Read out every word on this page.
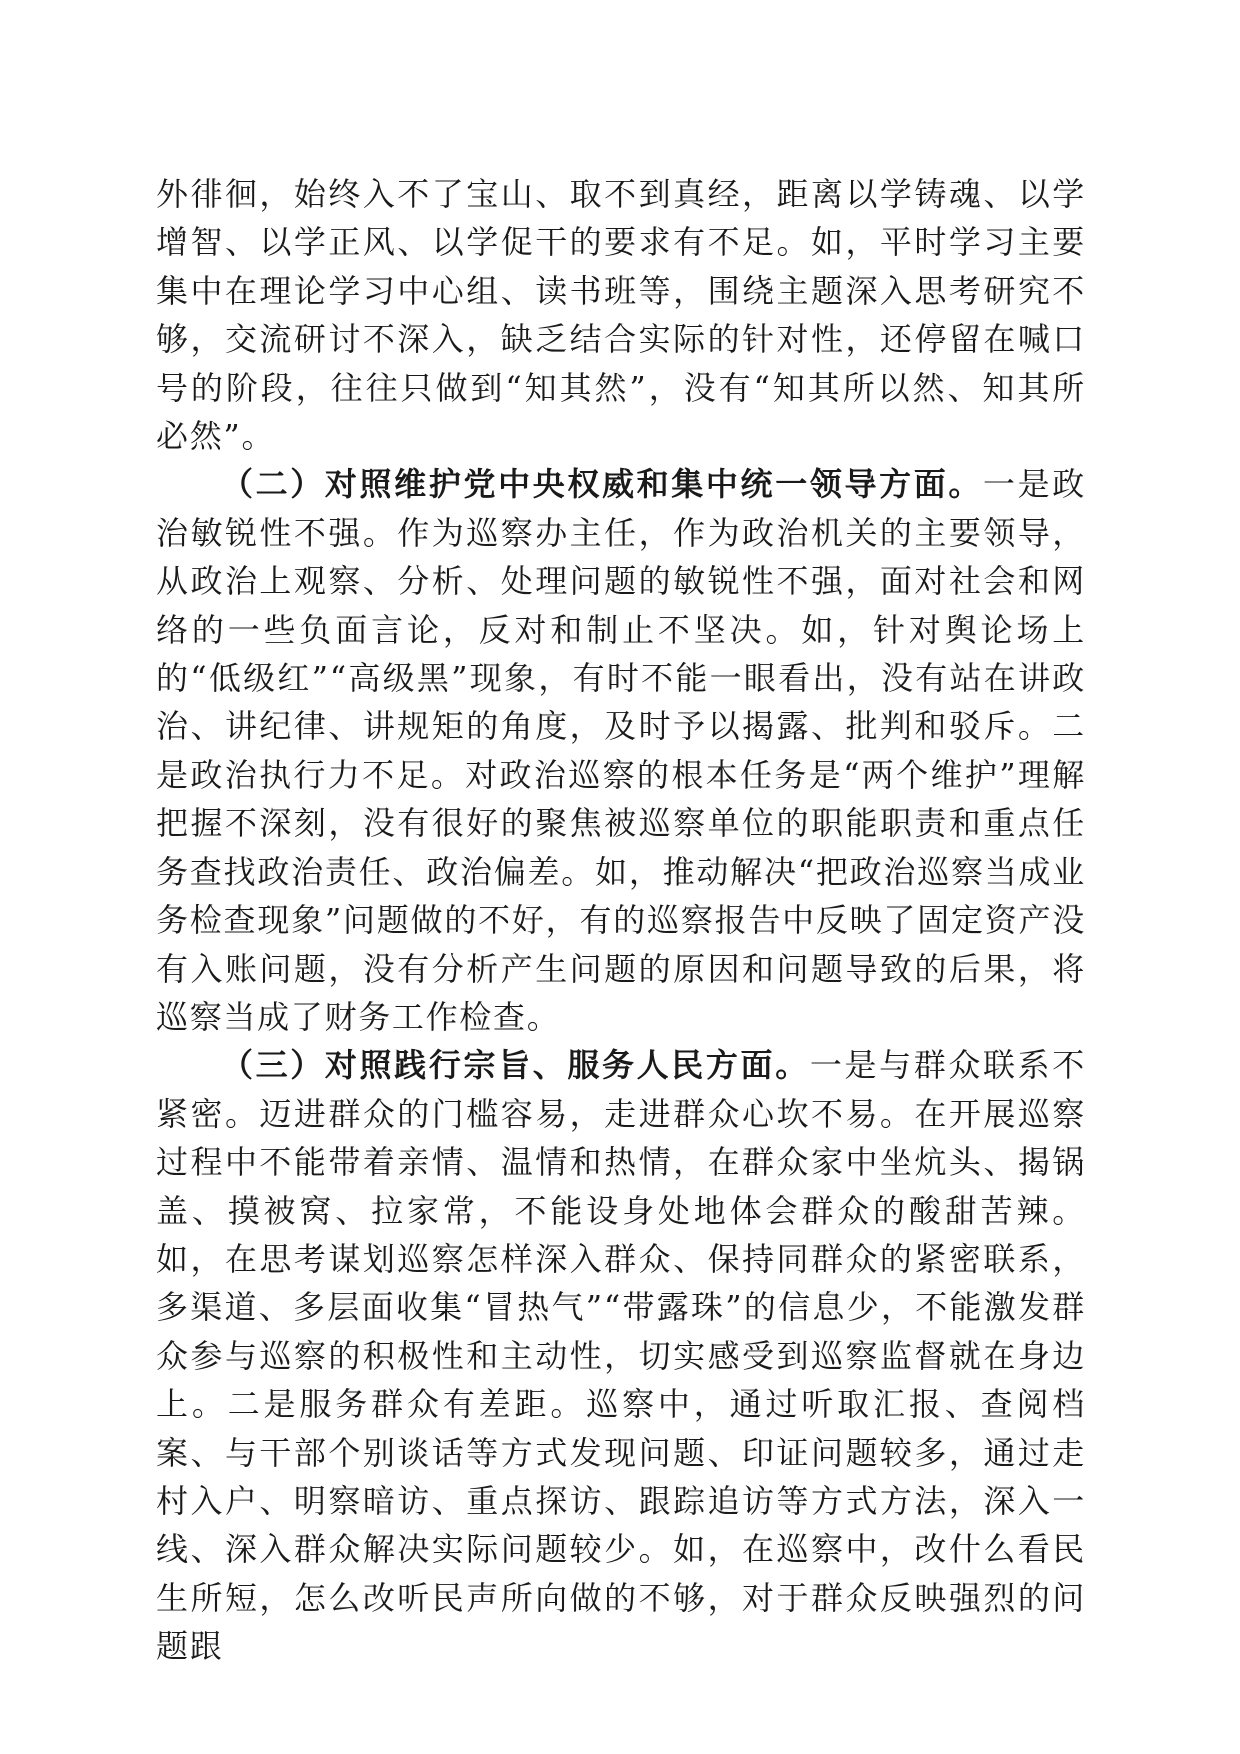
外徘徊，始终入不了宝山、取不到真经，距离以学铸魂、以学增智、以学正风、以学促干的要求有不足。如，平时学习主要集中在理论学习中心组、读书班等，围绕主题深入思考研究不够，交流研讨不深入，缺乏结合实际的针对性，还停留在喊口号的阶段，往往只做到“知其然”，没有“知其所以然、知其所必然”。

（二）对照维护党中央权威和集中统一领导方面。一是政治敏锐性不强。作为巡察办主任，作为政治机关的主要领导，从政治上观察、分析、处理问题的敏锐性不强，面对社会和网络的一些负面言论，反对和制止不坚决。如，针对舆论场上的“低级红”“高级黑”现象，有时不能一眼看出，没有站在讲政治、讲纪律、讲规矩的角度，及时予以揭露、批判和驳斥。二是政治执行力不足。对政治巡察的根本任务是“两个维护”理解把握不深刻，没有很好的聚焦被巡察单位的职能职责和重点任务查找政治责任、政治偏差。如，推动解决“把政治巡察当成业务检查现象”问题做的不好，有的巡察报告中反映了固定资产没有入账问题，没有分析产生问题的原因和问题导致的后果，将巡察当成了财务工作检查。

（三）对照践行宗旨、服务人民方面。一是与群众联系不紧密。迈进群众的门槛容易，走进群众心坎不易。在开展巡察过程中不能带着亲情、温情和热情，在群众家中坐炕头、揭锅盖、摸被窝、拉家常，不能设身处地体会群众的酸甜苦辣。如，在思考谋划巡察怎样深入群众、保持同群众的紧密联系，多渠道、多层面收集“冒热气”“带露珠”的信息少，不能激发群众参与巡察的积极性和主动性，切实感受到巡察监督就在身边上。二是服务群众有差距。巡察中，通过听取汇报、查阅档案、与干部个别谈话等方式发现问题、印证问题较多，通过走村入户、明察暗访、重点探访、跟踪追访等方式方法，深入一线、深入群众解决实际问题较少。如，在巡察中，改什么看民生所短，怎么改听民声所向做的不够，对于群众反映强烈的问题跟
